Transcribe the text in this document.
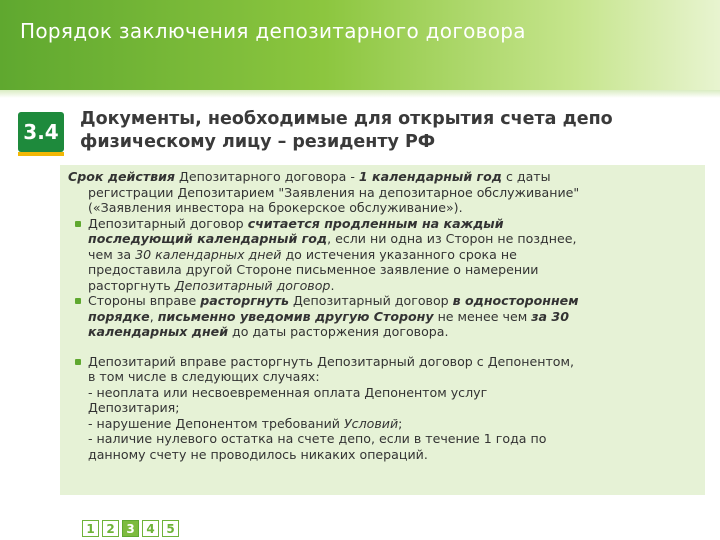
Порядок заключения депозитарного договора
3.4
Документы, необходимые для открытия счета депо физическому лицу – резиденту РФ
Срок действия Депозитарного договора - 1 календарный год с даты
регистрации Депозитарием "Заявления на депозитарное обслуживание"
(«Заявления инвестора на брокерское обслуживание»).
Депозитарный договор считается продленным на каждый
последующий календарный год, если ни одна из Сторон не позднее,
чем за 30 календарных дней до истечения указанного срока не
предоставила другой Стороне письменное заявление о намерении
расторгнуть Депозитарный договор.
Стороны вправе расторгнуть Депозитарный договор в одностороннем
порядке, письменно уведомив другую Сторону не менее чем за 30
календарных дней до даты расторжения договора.
Депозитарий вправе расторгнуть Депозитарный договор с Депонентом,
в том числе в следующих случаях:
- неоплата или несвоевременная оплата Депонентом услуг
Депозитария;
- нарушение Депонентом требований Условий;
- наличие нулевого остатка на счете депо, если в течение 1 года по
данному счету не проводилось никаких операций.
1 2 3 4 5
